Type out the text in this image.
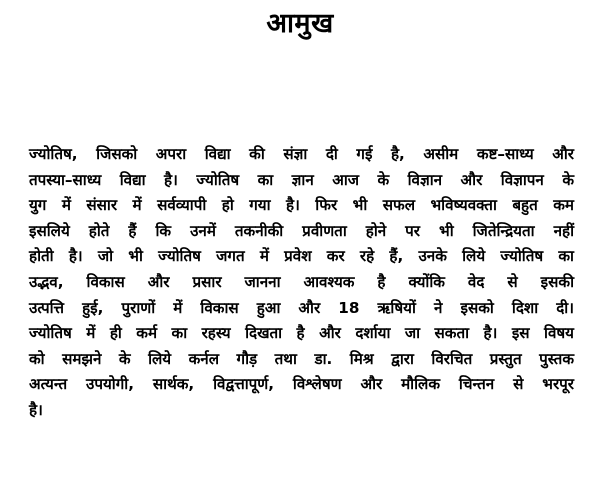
आमुख
ज्योतिष, जिसको अपरा विद्या की संज्ञा दी गई है, असीम कष्ट–साध्य और
तपस्या–साध्य विद्या है। ज्योतिष का ज्ञान आज के विज्ञान और विज्ञापन के
युग में संसार में सर्वव्यापी हो गया है। फिर भी सफल भविष्यवक्ता बहुत कम
इसलिये होते हैं कि उनमें तकनीकी प्रवीणता होने पर भी जितेन्द्रियता नहीं
होती है। जो भी ज्योतिष जगत में प्रवेश कर रहे हैं, उनके लिये ज्योतिष का
उद्भव, विकास और प्रसार जानना आवश्यक है क्योंकि वेद से इसकी
उत्पत्ति हुई, पुराणों में विकास हुआ और 18 ऋषियों ने इसको दिशा दी।
ज्योतिष में ही कर्म का रहस्य दिखता है और दर्शाया जा सकता है। इस विषय
को समझने के लिये कर्नल गौड़ तथा डा. मिश्र द्वारा विरचित प्रस्तुत पुस्तक
अत्यन्त उपयोगी, सार्थक, विद्वत्तापूर्ण, विश्लेषण और मौलिक चिन्तन से भरपूर
है।
